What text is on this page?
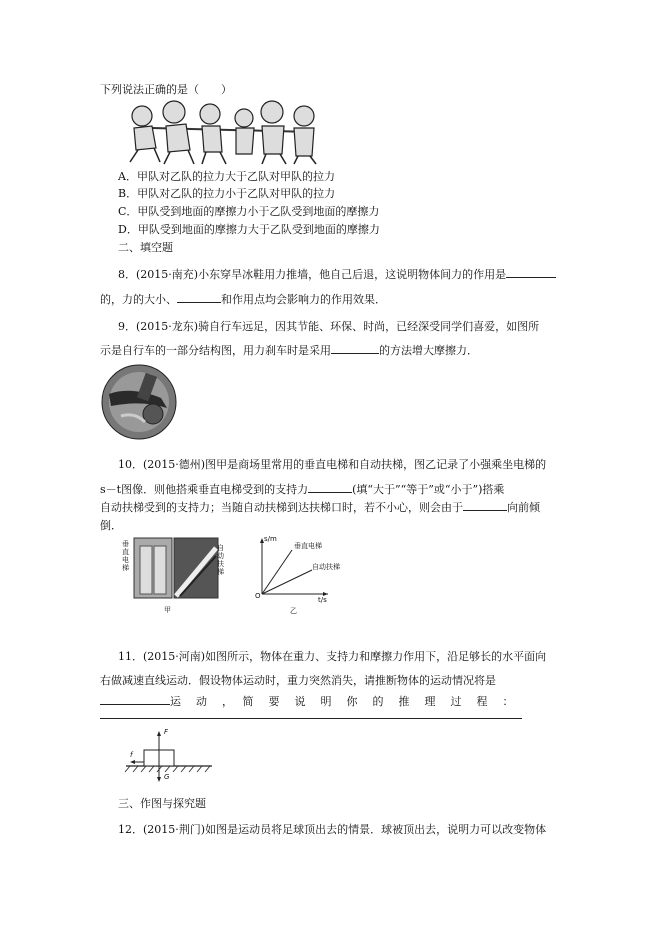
下列说法正确的是（　　）
A．甲队对乙队的拉力大于乙队对甲队的拉力
B．甲队对乙队的拉力小于乙队对甲队的拉力
C．甲队受到地面的摩擦力小于乙队受到地面的摩擦力
D．甲队受到地面的摩擦力大于乙队受到地面的摩擦力
二、填空题
8．(2015·南充)小东穿旱冰鞋用力推墙，他自己后退，这说明物体间力的作用是
的，力的大小、	和作用点均会影响力的作用效果．
9．(2015·龙东)骑自行车远足，因其节能、环保、时尚，已经深受同学们喜爱，如图所
示是自行车的一部分结构图，用力刹车时是采用	的方法增大摩擦力．
10．(2015·德州)图甲是商场里常用的垂直电梯和自动扶梯，图乙记录了小强乘坐电梯的
s－t图像．则他搭乘垂直电梯受到的支持力	(填“大于”“等于”或“小于”)搭乘
自动扶梯受到的支持力；当随自动扶梯到达扶梯口时，若不小心，则会由于	向前倾
倒．
垂直电梯
自动扶梯
甲
s/m
t/s
O
垂直电梯
自动扶梯
乙
11．(2015·河南)如图所示，物体在重力、支持力和摩擦力作用下，沿足够长的水平面向
右做减速直线运动．假设物体运动时，重力突然消失，请推断物体的运动情况将是
运　动　，　简　要　说　明　你　的　推　理　过　程　：
F
f
G
三、作图与探究题
12．(2015·荆门)如图是运动员将足球顶出去的情景．球被顶出去，说明力可以改变物体
